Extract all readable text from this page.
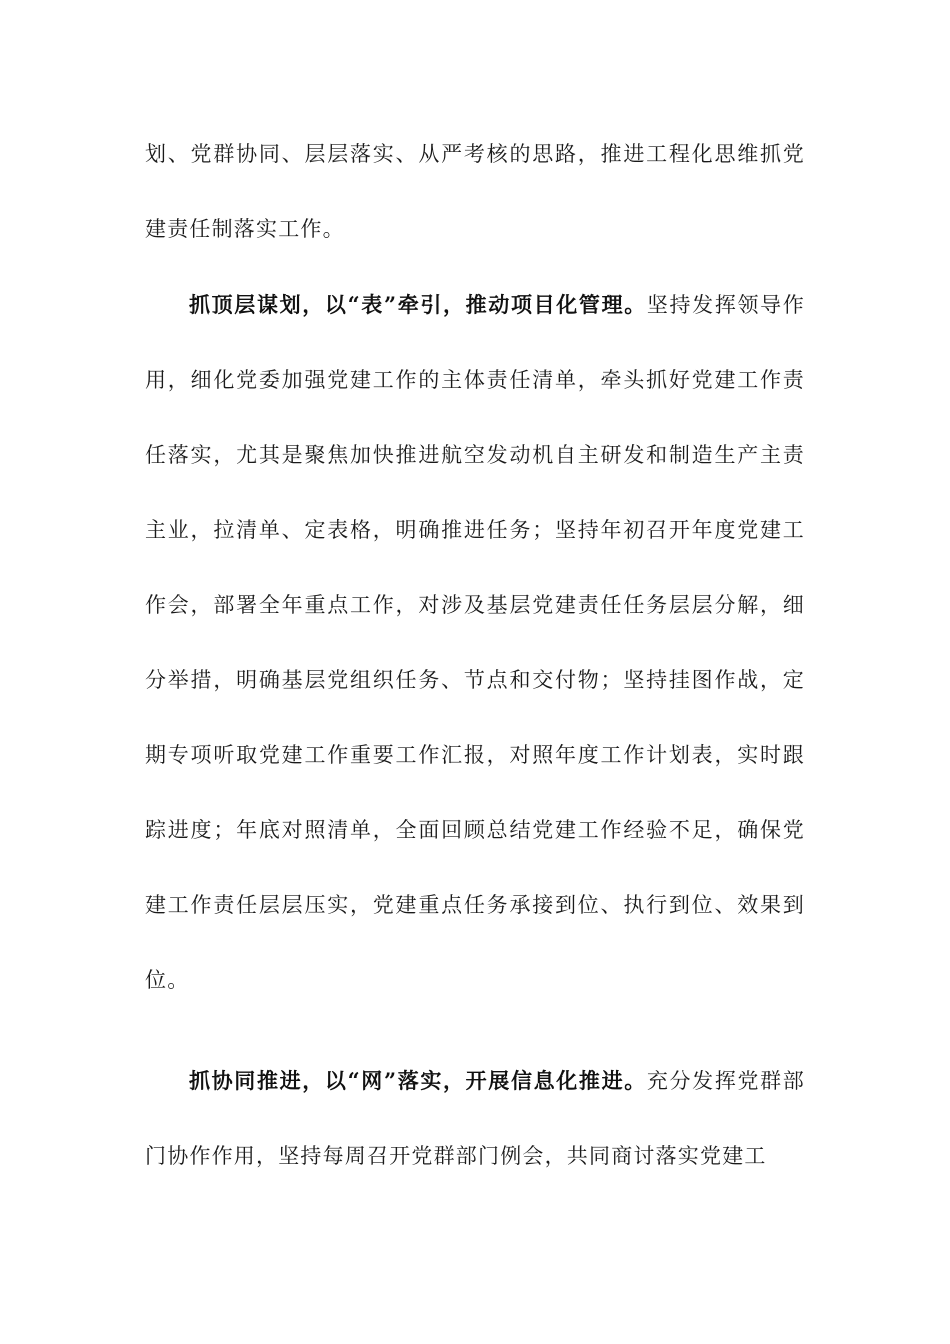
划、党群协同、层层落实、从严考核的思路，推进工程化思维抓党建责任制落实工作。

抓顶层谋划，以“表”牵引，推动项目化管理。坚持发挥领导作用，细化党委加强党建工作的主体责任清单，牵头抓好党建工作责任落实，尤其是聚焦加快推进航空发动机自主研发和制造生产主责主业，拉清单、定表格，明确推进任务；坚持年初召开年度党建工作会，部署全年重点工作，对涉及基层党建责任任务层层分解，细分举措，明确基层党组织任务、节点和交付物；坚持挂图作战，定期专项听取党建工作重要工作汇报，对照年度工作计划表，实时跟踪进度；年底对照清单，全面回顾总结党建工作经验不足，确保党建工作责任层层压实，党建重点任务承接到位、执行到位、效果到位。

抓协同推进，以“网”落实，开展信息化推进。充分发挥党群部门协作作用，坚持每周召开党群部门例会，共同商讨落实党建工
